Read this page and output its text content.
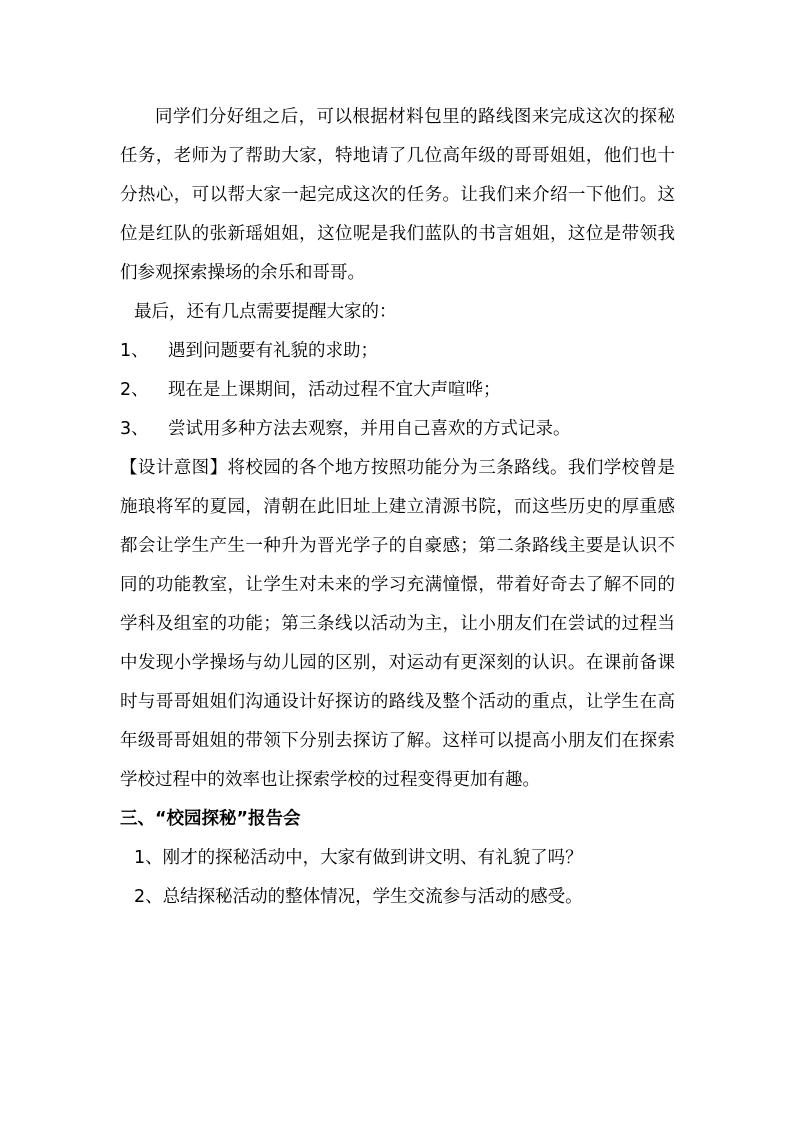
同学们分好组之后，可以根据材料包里的路线图来完成这次的探秘任务，老师为了帮助大家，特地请了几位高年级的哥哥姐姐，他们也十分热心，可以帮大家一起完成这次的任务。让我们来介绍一下他们。这位是红队的张新瑶姐姐，这位呢是我们蓝队的书言姐姐，这位是带领我们参观探索操场的余乐和哥哥。

最后，还有几点需要提醒大家的：

1、	遇到问题要有礼貌的求助；
2、	现在是上课期间，活动过程不宜大声喧哗；
3、	尝试用多种方法去观察，并用自己喜欢的方式记录。

【设计意图】将校园的各个地方按照功能分为三条路线。我们学校曾是施琅将军的夏园，清朝在此旧址上建立清源书院，而这些历史的厚重感都会让学生产生一种升为晋光学子的自豪感；第二条路线主要是认识不同的功能教室，让学生对未来的学习充满憧憬，带着好奇去了解不同的学科及组室的功能；第三条线以活动为主，让小朋友们在尝试的过程当中发现小学操场与幼儿园的区别，对运动有更深刻的认识。在课前备课时与哥哥姐姐们沟通设计好探访的路线及整个活动的重点，让学生在高年级哥哥姐姐的带领下分别去探访了解。这样可以提高小朋友们在探索学校过程中的效率也让探索学校的过程变得更加有趣。

三、“校园探秘”报告会

1、刚才的探秘活动中，大家有做到讲文明、有礼貌了吗？

2、总结探秘活动的整体情况，学生交流参与活动的感受。
